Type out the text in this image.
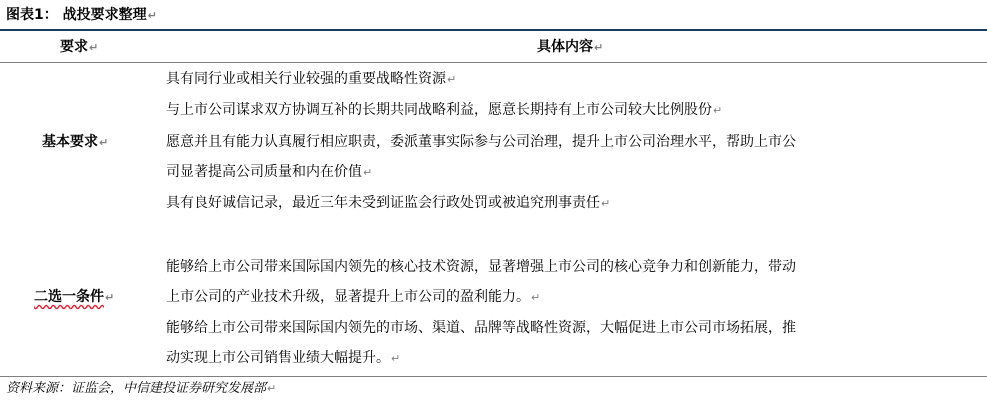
图表1： 战投要求整理↵
要求↵	具体内容↵
基本要求↵
具有同行业或相关行业较强的重要战略性资源↵
与上市公司谋求双方协调互补的长期共同战略利益，愿意长期持有上市公司较大比例股份↵
愿意并且有能力认真履行相应职责，委派董事实际参与公司治理，提升上市公司治理水平，帮助上市公
司显著提高公司质量和内在价值↵
具有良好诚信记录，最近三年未受到证监会行政处罚或被追究刑事责任↵
二选一条件↵
能够给上市公司带来国际国内领先的核心技术资源，显著增强上市公司的核心竞争力和创新能力，带动
上市公司的产业技术升级，显著提升上市公司的盈利能力。↵
能够给上市公司带来国际国内领先的市场、渠道、品牌等战略性资源，大幅促进上市公司市场拓展，推
动实现上市公司销售业绩大幅提升。↵
资料来源：证监会，中信建投证券研究发展部↵
